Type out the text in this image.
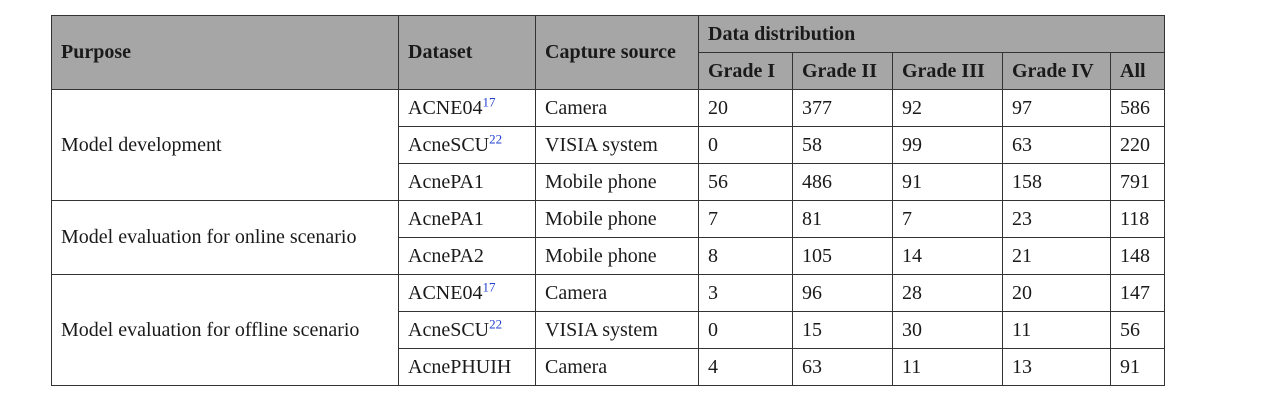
Purpose	Dataset	Capture source	Data distribution				
			Grade I	Grade II	Grade III	Grade IV	All
Model development	ACNE04$^{17}$	Camera	20	377	92	97	586
	AcneSCU$^{22}$	VISIA system	0	58	99	63	220
	AcnePA1	Mobile phone	56	486	91	158	791
Model evaluation for online scenario	AcnePA1	Mobile phone	7	81	7	23	118
	AcnePA2	Mobile phone	8	105	14	21	148
Model evaluation for offline scenario	ACNE04$^{17}$	Camera	3	96	28	20	147
	AcneSCU$^{22}$	VISIA system	0	15	30	11	56
	AcnePHUIH	Camera	4	63	11	13	91
